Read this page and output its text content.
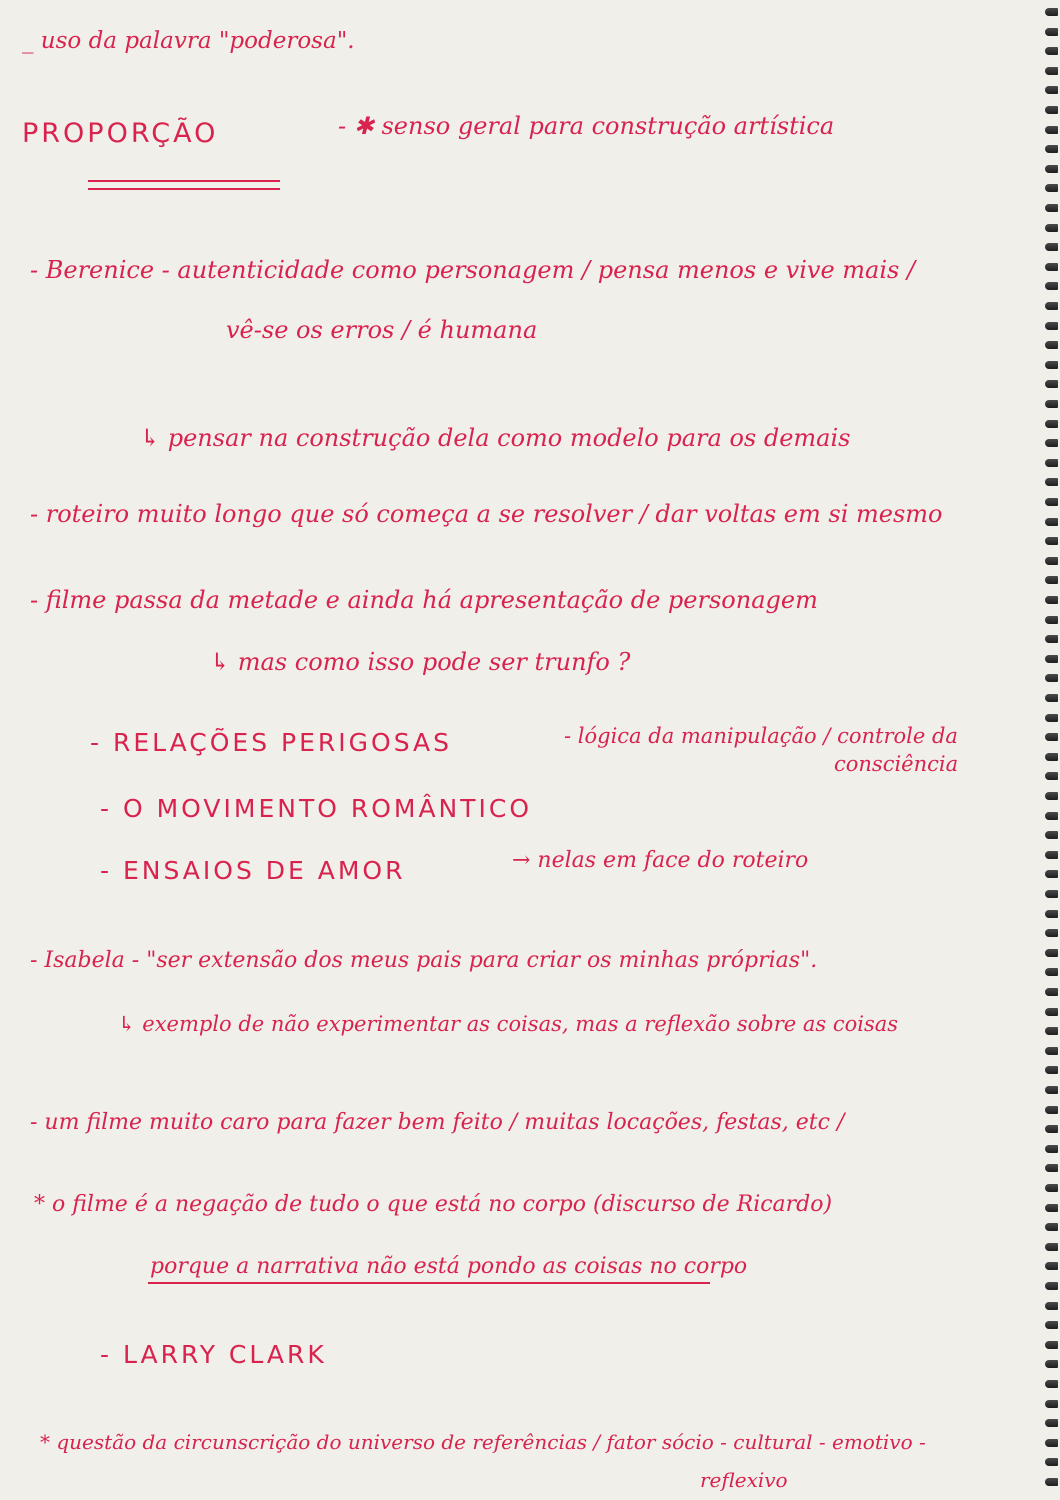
_ uso da palavra "poderosa".
PROPORÇÃO	- ✱ senso geral para construção artística
- Berenice - autenticidade como personagem / pensa menos e vive mais /
vê-se os erros / é humana
↳ pensar na construção dela como modelo para os demais
- roteiro muito longo que só começa a se resolver / dar voltas em si mesmo
- filme passa da metade e ainda há apresentação de personagem
↳ mas como isso pode ser trunfo ?
- RELAÇÕES PERIGOSAS	- lógica da manipulação / controle da
consciência
- O MOVIMENTO ROMÂNTICO
- ENSAIOS DE AMOR	→ nelas em face do roteiro
- Isabela - "ser extensão dos meus pais para criar os minhas próprias".
↳ exemplo de não experimentar as coisas, mas a reflexão sobre as coisas
- um filme muito caro para fazer bem feito / muitas locações, festas, etc /
* o filme é a negação de tudo o que está no corpo (discurso de Ricardo)
porque a narrativa não está pondo as coisas no corpo
- LARRY CLARK
* questão da circunscrição do universo de referências / fator sócio - cultural - emotivo -
reflexivo
